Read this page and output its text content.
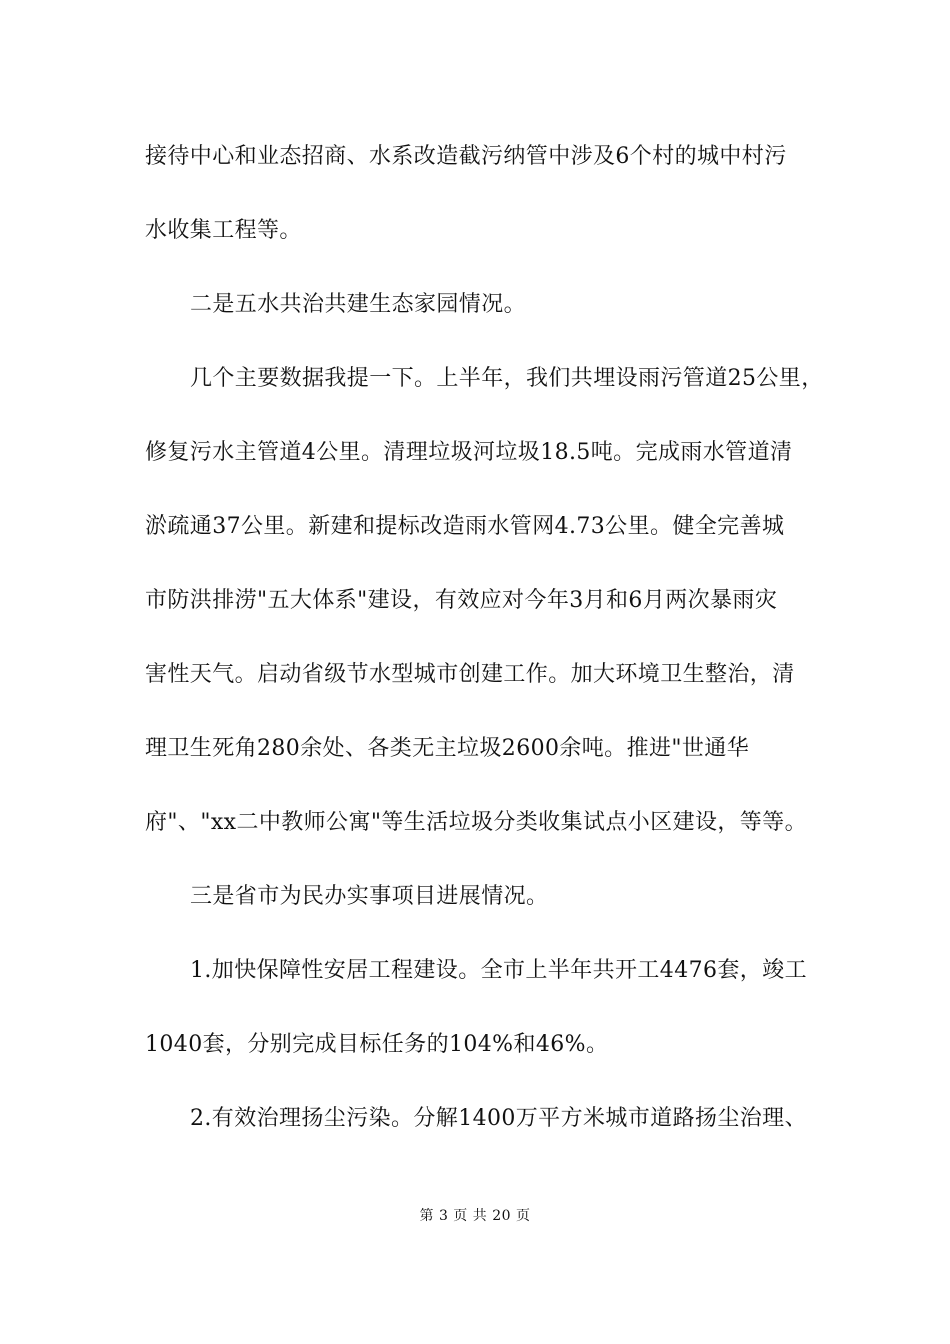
接待中心和业态招商、水系改造截污纳管中涉及6个村的城中村污
水收集工程等。
二是五水共治共建生态家园情况。
几个主要数据我提一下。上半年，我们共埋设雨污管道25公里，
修复污水主管道4公里。清理垃圾河垃圾18.5吨。完成雨水管道清
淤疏通37公里。新建和提标改造雨水管网4.73公里。健全完善城
市防洪排涝"五大体系"建设，有效应对今年3月和6月两次暴雨灾
害性天气。启动省级节水型城市创建工作。加大环境卫生整治，清
理卫生死角280余处、各类无主垃圾2600余吨。推进"世通华
府"、"xx二中教师公寓"等生活垃圾分类收集试点小区建设，等等。
三是省市为民办实事项目进展情况。
1.加快保障性安居工程建设。全市上半年共开工4476套，竣工
1040套，分别完成目标任务的104%和46%。
2.有效治理扬尘污染。分解1400万平方米城市道路扬尘治理、
第 3 页 共 20 页
